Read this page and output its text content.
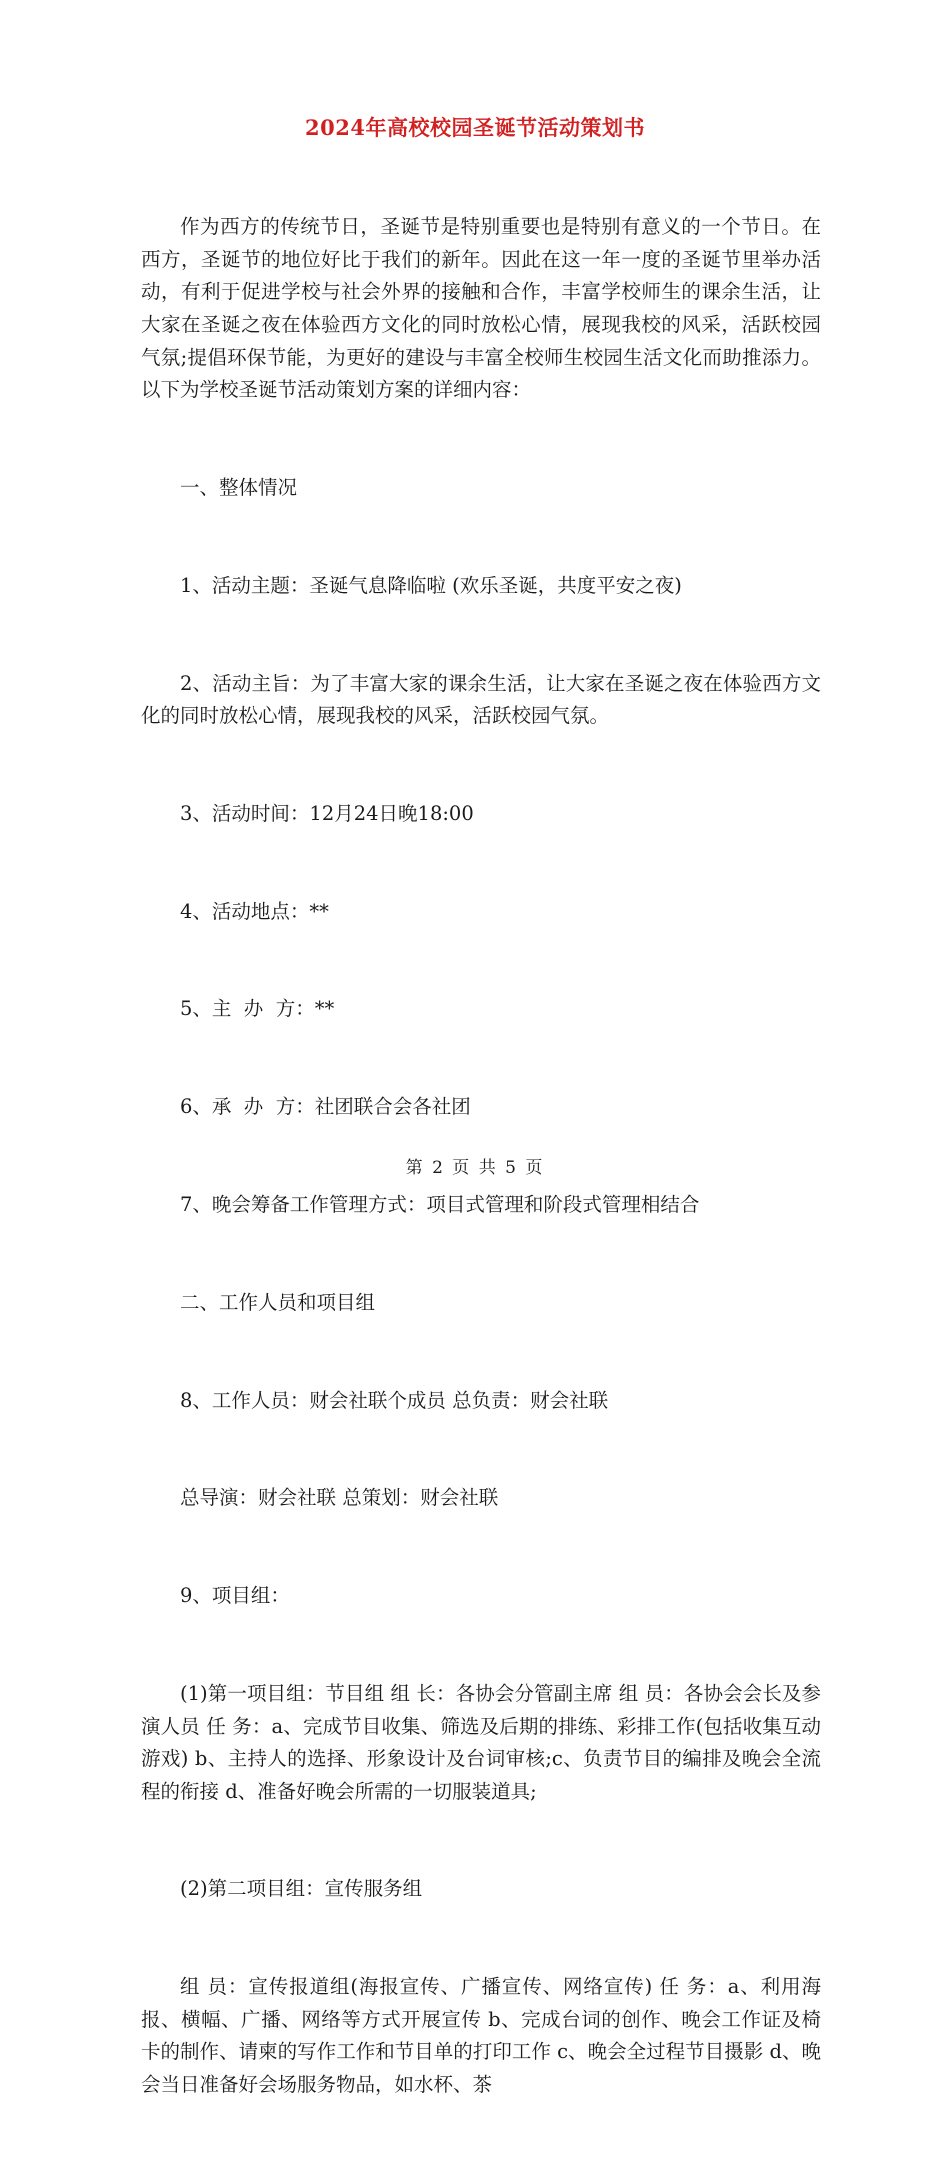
2024年高校校园圣诞节活动策划书

作为西方的传统节日，圣诞节是特别重要也是特别有意义的一个节日。在西方，圣诞节的地位好比于我们的新年。因此在这一年一度的圣诞节里举办活动，有利于促进学校与社会外界的接触和合作，丰富学校师生的课余生活，让大家在圣诞之夜在体验西方文化的同时放松心情，展现我校的风采，活跃校园气氛;提倡环保节能，为更好的建设与丰富全校师生校园生活文化而助推添力。以下为学校圣诞节活动策划方案的详细内容：

一、整体情况

1、活动主题：圣诞气息降临啦 (欢乐圣诞，共度平安之夜)

2、活动主旨：为了丰富大家的课余生活，让大家在圣诞之夜在体验西方文化的同时放松心情，展现我校的风采，活跃校园气氛。

3、活动时间：12月24日晚18:00

4、活动地点：**

5、主  办  方：**

6、承  办  方：社团联合会各社团

7、晚会筹备工作管理方式：项目式管理和阶段式管理相结合

二、工作人员和项目组

8、工作人员：财会社联个成员 总负责：财会社联

总导演：财会社联 总策划：财会社联

9、项目组：

(1)第一项目组：节目组 组 长：各协会分管副主席 组 员：各协会会长及参演人员 任 务：a、完成节目收集、筛选及后期的排练、彩排工作(包括收集互动游戏) b、主持人的选择、形象设计及台词审核;c、负责节目的编排及晚会全流程的衔接 d、准备好晚会所需的一切服装道具;

(2)第二项目组：宣传服务组

组 员：宣传报道组(海报宣传、广播宣传、网络宣传) 任 务：a、利用海报、横幅、广播、网络等方式开展宣传 b、完成台词的创作、晚会工作证及椅卡的制作、请柬的写作工作和节目单的打印工作 c、晚会全过程节目摄影 d、晚会当日准备好会场服务物品，如水杯、茶

第 2 页 共 5 页
